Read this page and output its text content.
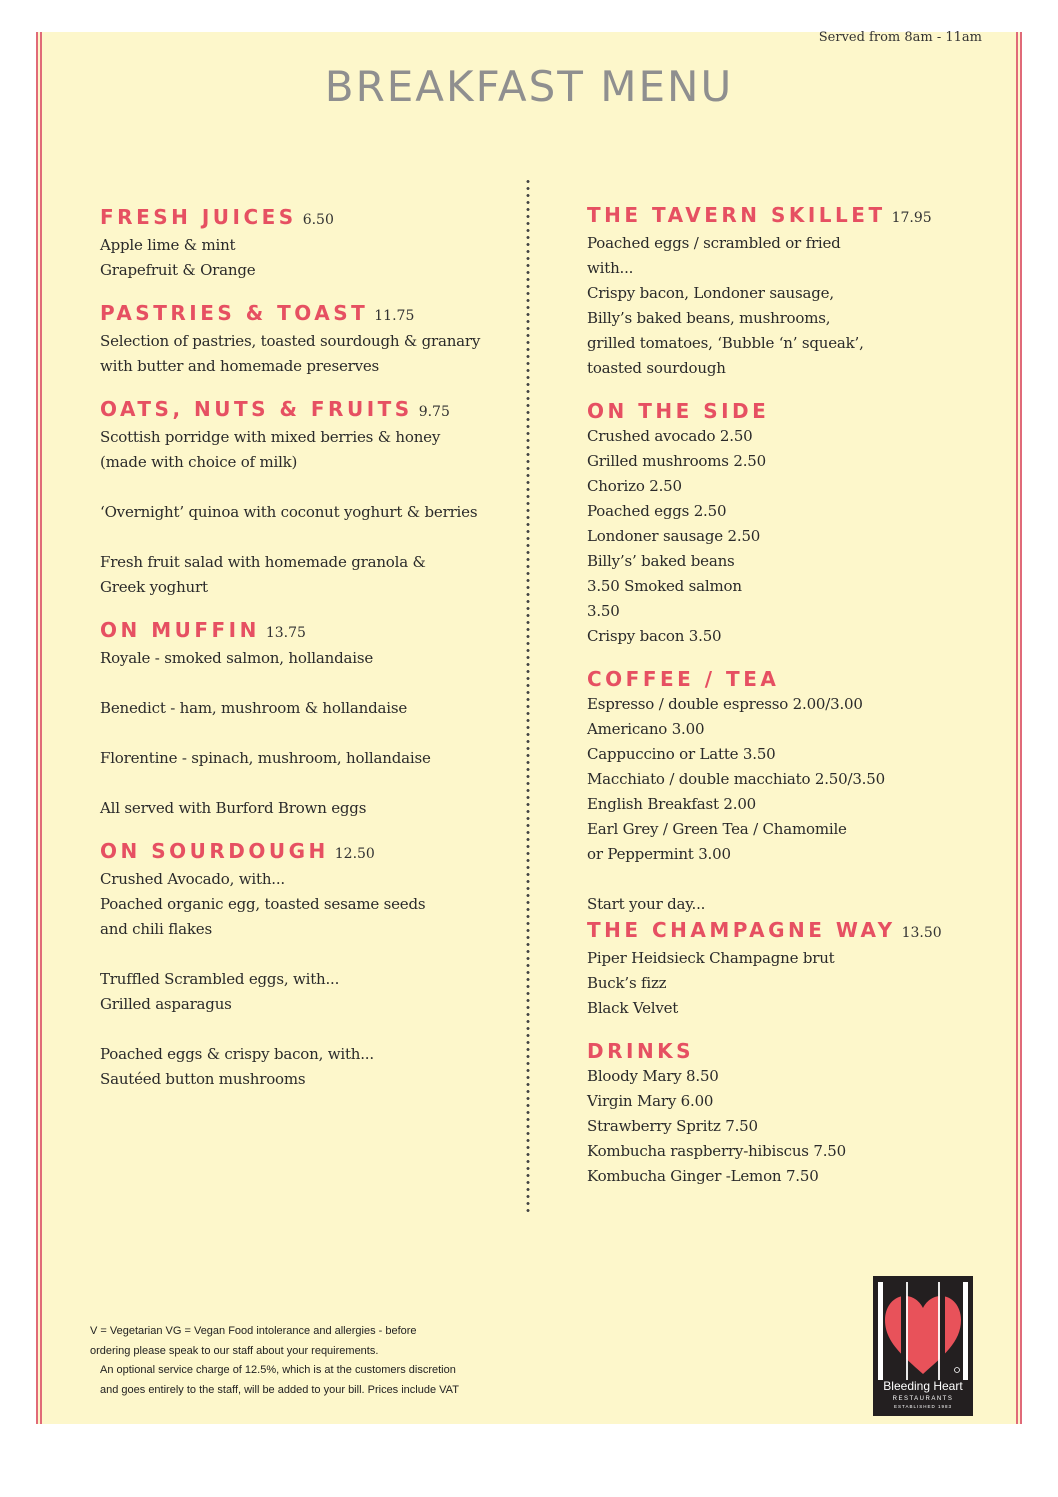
Served from 8am - 11am
BREAKFAST MENU
FRESH JUICES 6.50
Apple lime & mint
Grapefruit & Orange
PASTRIES & TOAST 11.75
Selection of pastries, toasted sourdough & granary
with butter and homemade preserves
OATS, NUTS & FRUITS 9.75
Scottish porridge with mixed berries & honey
(made with choice of milk)
‘Overnight’ quinoa with coconut yoghurt & berries
Fresh fruit salad with homemade granola &
Greek yoghurt
ON MUFFIN 13.75
Royale - smoked salmon, hollandaise
Benedict - ham, mushroom & hollandaise
Florentine - spinach, mushroom, hollandaise
All served with Burford Brown eggs
ON SOURDOUGH 12.50
Crushed Avocado, with...
Poached organic egg, toasted sesame seeds
and chili flakes
Truffled Scrambled eggs, with...
Grilled asparagus
Poached eggs & crispy bacon, with...
Sautéed button mushrooms
THE TAVERN SKILLET 17.95
Poached eggs / scrambled or fried
with...
Crispy bacon, Londoner sausage,
Billy’s baked beans, mushrooms,
grilled tomatoes, ‘Bubble ‘n’ squeak’,
toasted sourdough
ON THE SIDE
Crushed avocado 2.50
Grilled mushrooms 2.50
Chorizo 2.50
Poached eggs 2.50
Londoner sausage 2.50
Billy’s’ baked beans
3.50 Smoked salmon
3.50
Crispy bacon 3.50
COFFEE / TEA
Espresso / double espresso 2.00/3.00
Americano 3.00
Cappuccino or Latte 3.50
Macchiato / double macchiato 2.50/3.50
English Breakfast 2.00
Earl Grey / Green Tea / Chamomile
or Peppermint 3.00
Start your day...
THE CHAMPAGNE WAY 13.50
Piper Heidsieck Champagne brut
Buck’s fizz
Black Velvet
DRINKS
Bloody Mary 8.50
Virgin Mary 6.00
Strawberry Spritz 7.50
Kombucha raspberry-hibiscus 7.50
Kombucha Ginger -Lemon 7.50
V = Vegetarian VG = Vegan Food intolerance and allergies - before
ordering please speak to our staff about your requirements.
An optional service charge of 12.5%, which is at the customers discretion
and goes entirely to the staff, will be added to your bill. Prices include VAT	Bleeding Heart
RESTAURANTS
ESTABLISHED 1983
